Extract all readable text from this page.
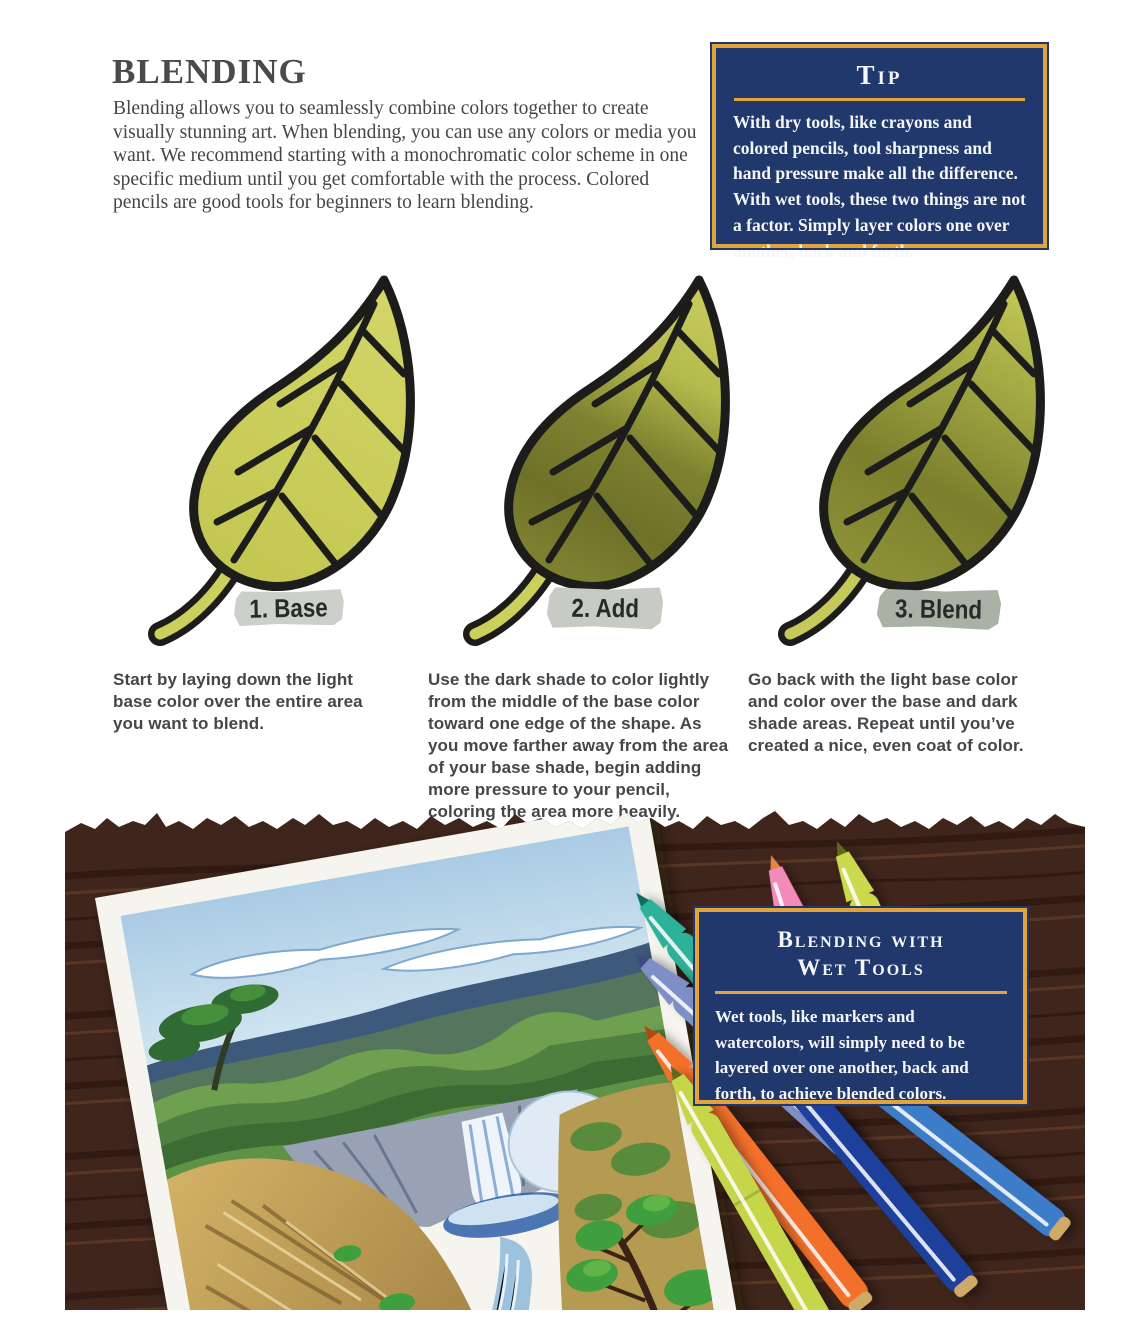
BLENDING

Blending allows you to seamlessly combine colors together to create visually stunning art. When blending, you can use any colors or media you want. We recommend starting with a monochromatic color scheme in one specific medium until you get comfortable with the process. Colored pencils are good tools for beginners to learn blending.

Tip
With dry tools, like crayons and colored pencils, tool sharpness and hand pressure make all the difference. With wet tools, these two things are not a factor. Simply layer colors one over another, back and forth.
1. Base	2. Add	3. Blend

Start by laying down the light base color over the entire area you want to blend.

Use the dark shade to color lightly from the middle of the base color toward one edge of the shape. As you move farther away from the area of your base shade, begin adding more pressure to your pencil, coloring the area more heavily.

Go back with the light base color and color over the base and dark shade areas. Repeat until you’ve created a nice, even coat of color.

Blending with
Wet Tools
Wet tools, like markers and watercolors, will simply need to be layered over one another, back and forth, to achieve blended colors.
